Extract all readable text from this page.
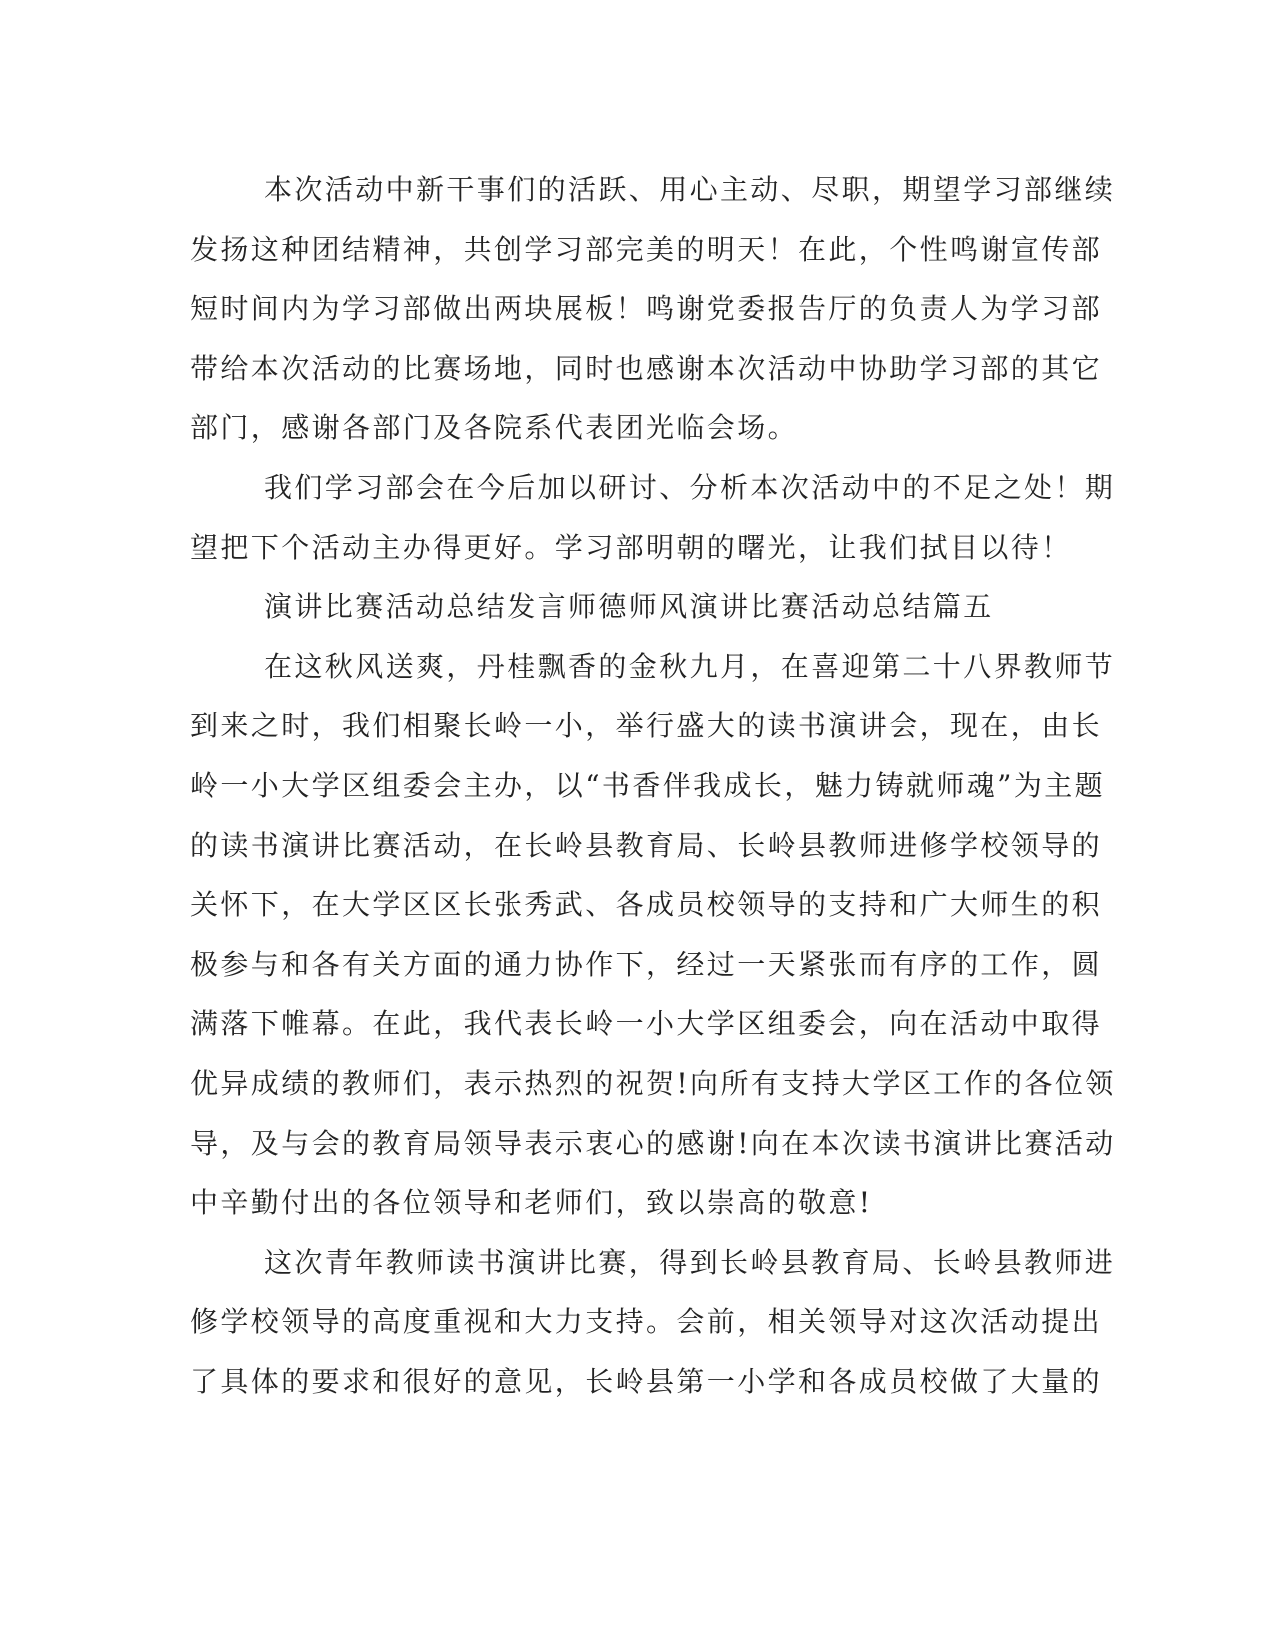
本次活动中新干事们的活跃、用心主动、尽职，期望学习部继续
发扬这种团结精神，共创学习部完美的明天！在此，个性鸣谢宣传部
短时间内为学习部做出两块展板！鸣谢党委报告厅的负责人为学习部
带给本次活动的比赛场地，同时也感谢本次活动中协助学习部的其它
部门，感谢各部门及各院系代表团光临会场。
我们学习部会在今后加以研讨、分析本次活动中的不足之处！期
望把下个活动主办得更好。学习部明朝的曙光，让我们拭目以待！
演讲比赛活动总结发言师德师风演讲比赛活动总结篇五
在这秋风送爽，丹桂飘香的金秋九月，在喜迎第二十八界教师节
到来之时，我们相聚长岭一小，举行盛大的读书演讲会，现在，由长
岭一小大学区组委会主办，以“书香伴我成长，魅力铸就师魂”为主题
的读书演讲比赛活动，在长岭县教育局、长岭县教师进修学校领导的
关怀下，在大学区区长张秀武、各成员校领导的支持和广大师生的积
极参与和各有关方面的通力协作下，经过一天紧张而有序的工作，圆
满落下帷幕。在此，我代表长岭一小大学区组委会，向在活动中取得
优异成绩的教师们，表示热烈的祝贺!向所有支持大学区工作的各位领
导，及与会的教育局领导表示衷心的感谢!向在本次读书演讲比赛活动
中辛勤付出的各位领导和老师们，致以崇高的敬意!
这次青年教师读书演讲比赛，得到长岭县教育局、长岭县教师进
修学校领导的高度重视和大力支持。会前，相关领导对这次活动提出
了具体的要求和很好的意见，长岭县第一小学和各成员校做了大量的
